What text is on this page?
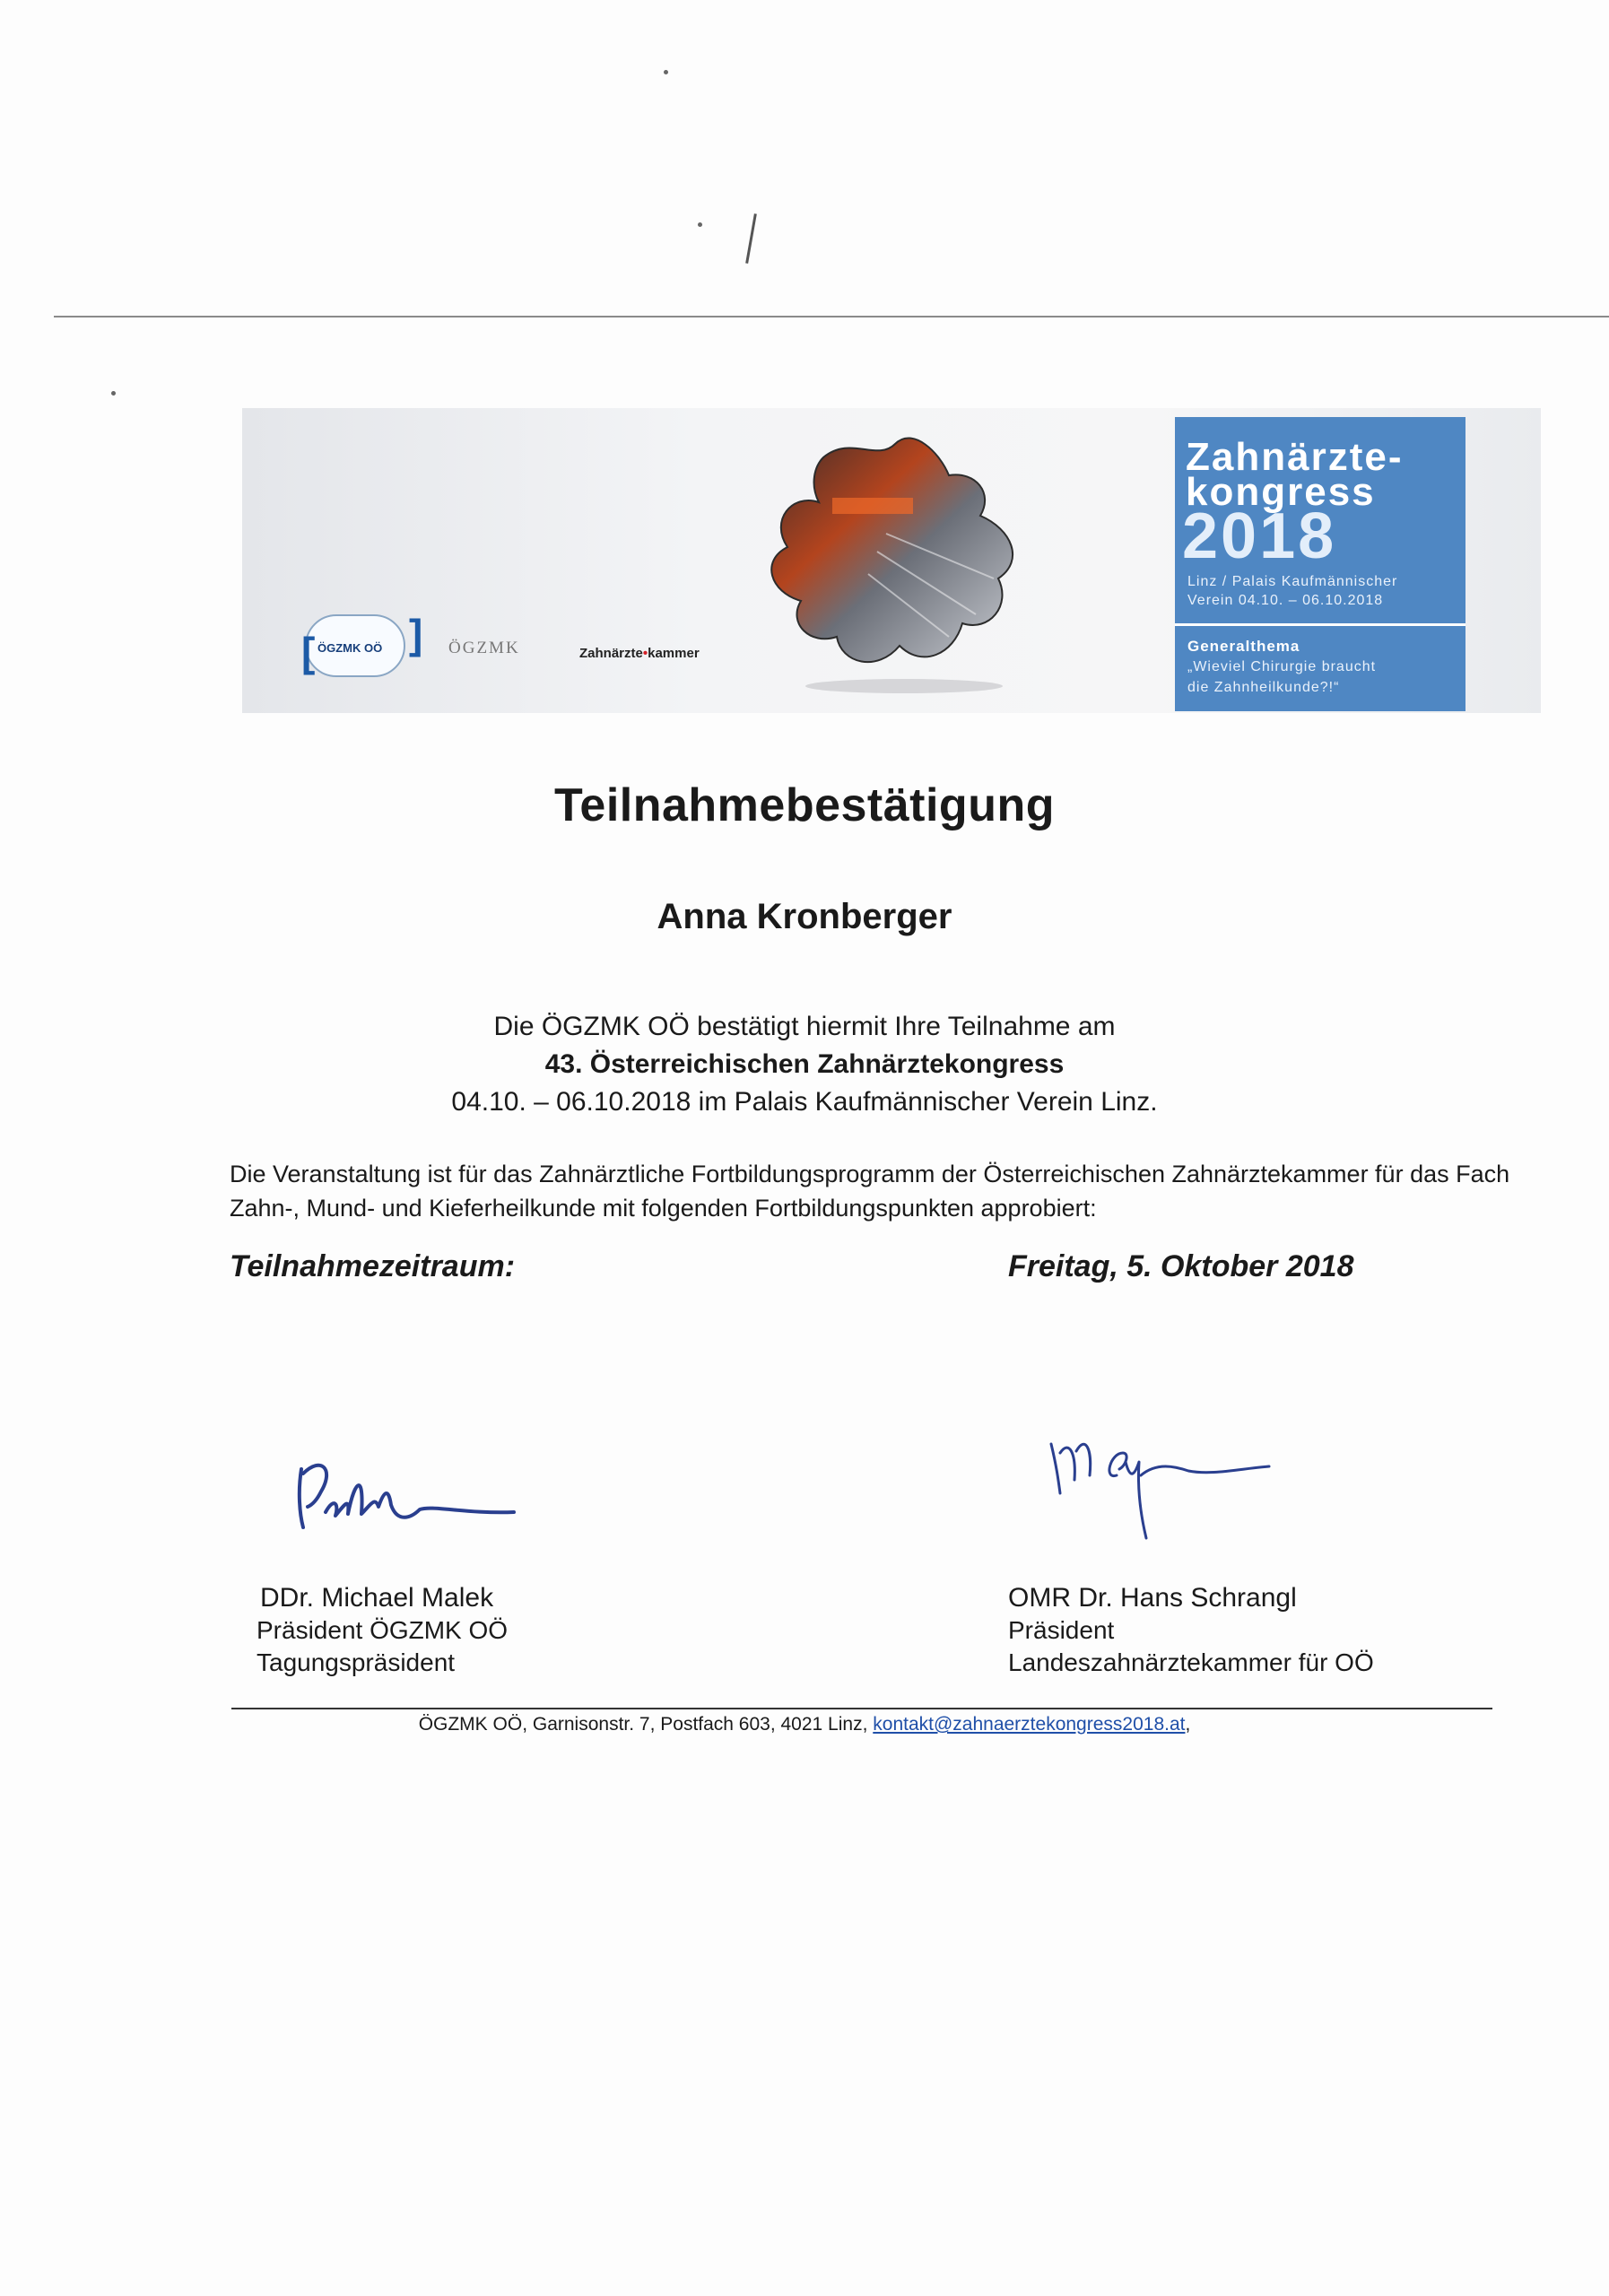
[ ]
ÖGZMK OÖ	ÖGZMK	Zahnärzte•kammer
Zahnärzte-
kongress
2018
Linz / Palais Kaufmännischer
Verein 04.10. – 06.10.2018
Generalthema
„Wieviel Chirurgie braucht
die Zahnheilkunde?!“
Teilnahmebestätigung
Anna Kronberger
Die ÖGZMK OÖ bestätigt hiermit Ihre Teilnahme am
43. Österreichischen Zahnärztekongress
04.10. – 06.10.2018 im Palais Kaufmännischer Verein Linz.
Die Veranstaltung ist für das Zahnärztliche Fortbildungsprogramm der Österreichischen Zahnärztekammer für das Fach Zahn-, Mund- und Kieferheilkunde mit folgenden Fortbildungspunkten approbiert:
Teilnahmezeitraum:	Freitag, 5. Oktober 2018
DDr. Michael Malek
Präsident ÖGZMK OÖ
Tagungspräsident
OMR Dr. Hans Schrangl
Präsident
Landeszahnärztekammer für OÖ
ÖGZMK OÖ, Garnisonstr. 7, Postfach 603, 4021 Linz, kontakt@zahnaerztekongress2018.at,
